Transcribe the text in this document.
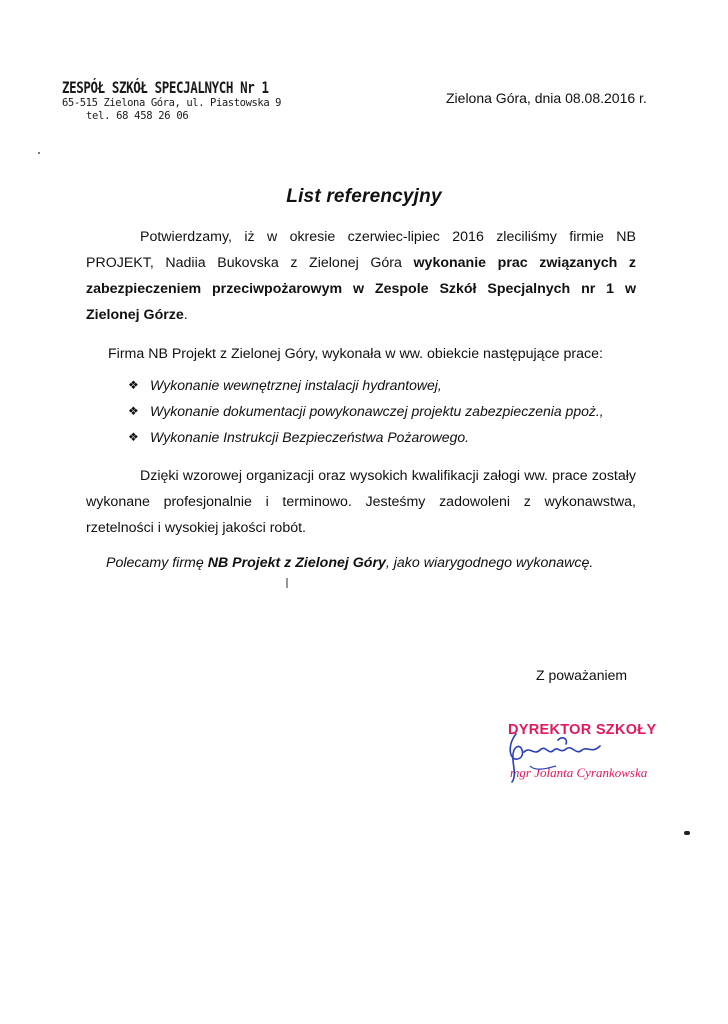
ZESPÓŁ SZKÓŁ SPECJALNYCH Nr 1
65-515 Zielona Góra, ul. Piastowska 9
tel. 68 458 26 06
Zielona Góra, dnia 08.08.2016 r.
List referencyjny

Potwierdzamy, iż w okresie czerwiec-lipiec 2016 zleciliśmy firmie NB PROJEKT, Nadiia Bukovska z Zielonej Góra wykonanie prac związanych z zabezpieczeniem przeciwpożarowym w Zespole Szkół Specjalnych nr 1 w Zielonej Górze.

Firma NB Projekt z Zielonej Góry, wykonała w ww. obiekcie następujące prace:

❖ Wykonanie wewnętrznej instalacji hydrantowej,
❖ Wykonanie dokumentacji powykonawczej projektu zabezpieczenia ppoż.,
❖ Wykonanie Instrukcji Bezpieczeństwa Pożarowego.

Dzięki wzorowej organizacji oraz wysokich kwalifikacji załogi ww. prace zostały wykonane profesjonalnie i terminowo. Jesteśmy zadowoleni z wykonawstwa, rzetelności i wysokiej jakości robót.

Polecamy firmę NB Projekt z Zielonej Góry, jako wiarygodnego wykonawcę.

Z poważaniem
DYREKTOR SZKOŁY
mgr Jolanta Cyrankowska
